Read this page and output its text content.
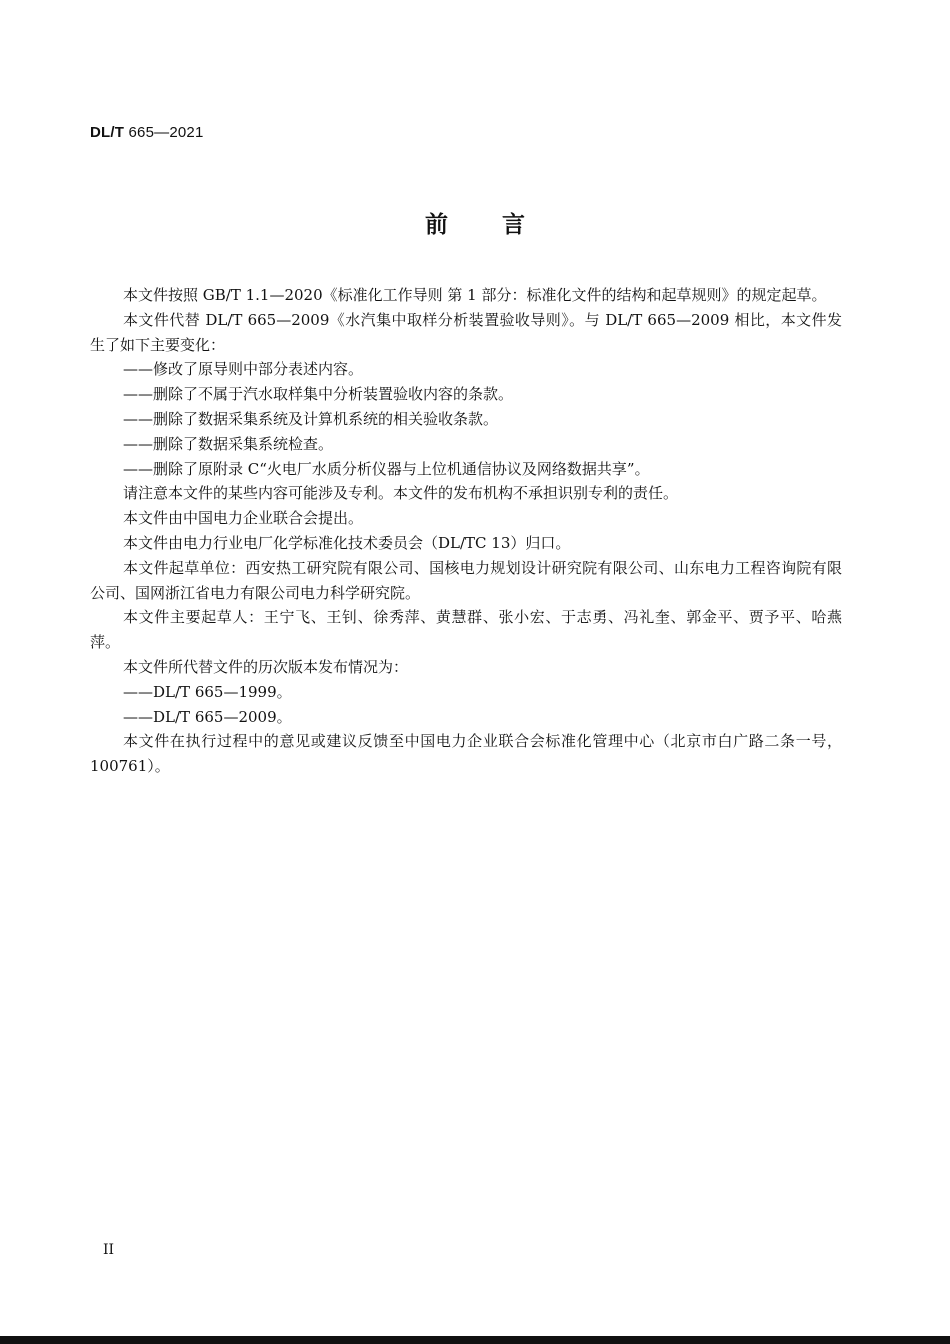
DL/T 665—2021
前言

本文件按照 GB/T 1.1—2020《标准化工作导则 第 1 部分：标准化文件的结构和起草规则》的规定起草。

本文件代替 DL/T 665—2009《水汽集中取样分析装置验收导则》。与 DL/T 665—2009 相比，本文件发生了如下主要变化：

——修改了原导则中部分表述内容。

——删除了不属于汽水取样集中分析装置验收内容的条款。

——删除了数据采集系统及计算机系统的相关验收条款。

——删除了数据采集系统检查。

——删除了原附录 C“火电厂水质分析仪器与上位机通信协议及网络数据共享”。

请注意本文件的某些内容可能涉及专利。本文件的发布机构不承担识别专利的责任。

本文件由中国电力企业联合会提出。

本文件由电力行业电厂化学标准化技术委员会（DL/TC 13）归口。

本文件起草单位：西安热工研究院有限公司、国核电力规划设计研究院有限公司、山东电力工程咨询院有限公司、国网浙江省电力有限公司电力科学研究院。

本文件主要起草人：王宁飞、王钊、徐秀萍、黄慧群、张小宏、于志勇、冯礼奎、郭金平、贾予平、哈燕萍。

本文件所代替文件的历次版本发布情况为：

——DL/T 665—1999。

——DL/T 665—2009。

本文件在执行过程中的意见或建议反馈至中国电力企业联合会标准化管理中心（北京市白广路二条一号，100761）。

II
